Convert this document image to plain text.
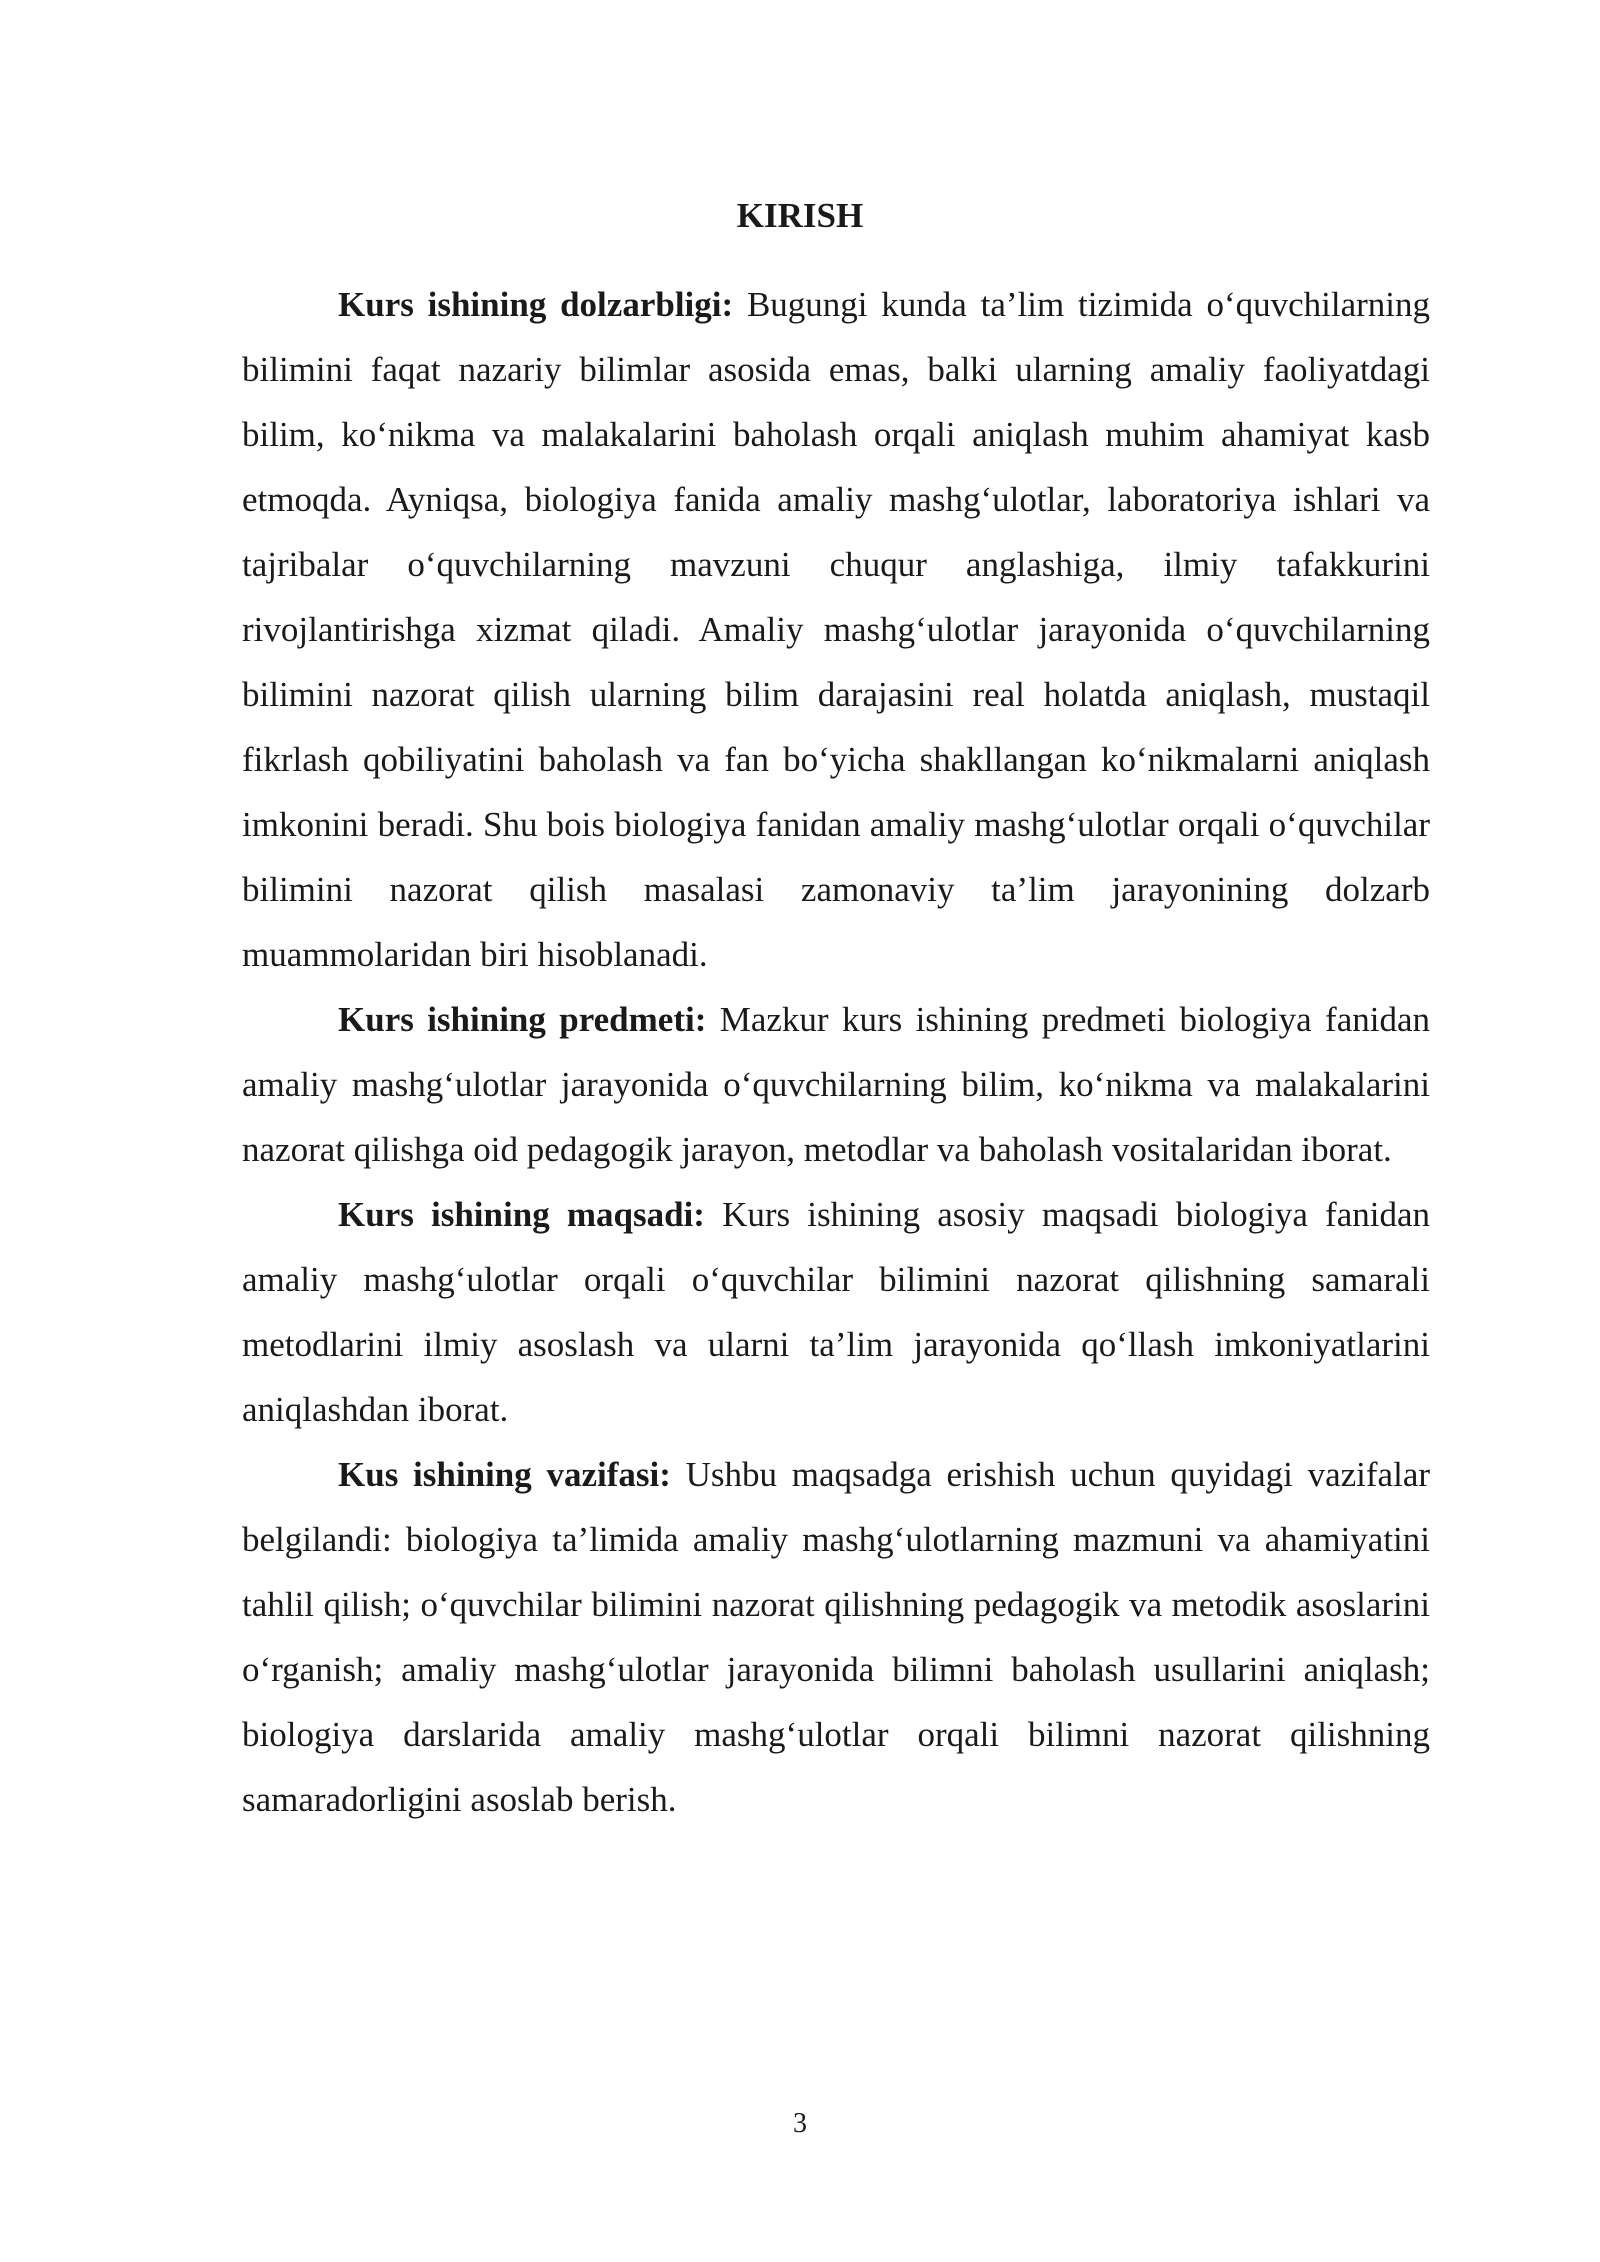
KIRISH

Kurs ishining dolzarbligi: Bugungi kunda ta’lim tizimida o‘quvchilarning bilimini faqat nazariy bilimlar asosida emas, balki ularning amaliy faoliyatdagi bilim, ko‘nikma va malakalarini baholash orqali aniqlash muhim ahamiyat kasb etmoqda. Ayniqsa, biologiya fanida amaliy mashg‘ulotlar, laboratoriya ishlari va tajribalar o‘quvchilarning mavzuni chuqur anglashiga, ilmiy tafakkurini rivojlantirishga xizmat qiladi. Amaliy mashg‘ulotlar jarayonida o‘quvchilarning bilimini nazorat qilish ularning bilim darajasini real holatda aniqlash, mustaqil fikrlash qobiliyatini baholash va fan bo‘yicha shakllangan ko‘nikmalarni aniqlash imkonini beradi. Shu bois biologiya fanidan amaliy mashg‘ulotlar orqali o‘quvchilar bilimini nazorat qilish masalasi zamonaviy ta’lim jarayonining dolzarb muammolaridan biri hisoblanadi.

Kurs ishining predmeti: Mazkur kurs ishining predmeti biologiya fanidan amaliy mashg‘ulotlar jarayonida o‘quvchilarning bilim, ko‘nikma va malakalarini nazorat qilishga oid pedagogik jarayon, metodlar va baholash vositalaridan iborat.

Kurs ishining maqsadi: Kurs ishining asosiy maqsadi biologiya fanidan amaliy mashg‘ulotlar orqali o‘quvchilar bilimini nazorat qilishning samarali metodlarini ilmiy asoslash va ularni ta’lim jarayonida qo‘llash imkoniyatlarini aniqlashdan iborat.

Kus ishining vazifasi: Ushbu maqsadga erishish uchun quyidagi vazifalar belgilandi: biologiya ta’limida amaliy mashg‘ulotlarning mazmuni va ahamiyatini tahlil qilish; o‘quvchilar bilimini nazorat qilishning pedagogik va metodik asoslarini o‘rganish; amaliy mashg‘ulotlar jarayonida bilimni baholash usullarini aniqlash; biologiya darslarida amaliy mashg‘ulotlar orqali bilimni nazorat qilishning samaradorligini asoslab berish.

3
